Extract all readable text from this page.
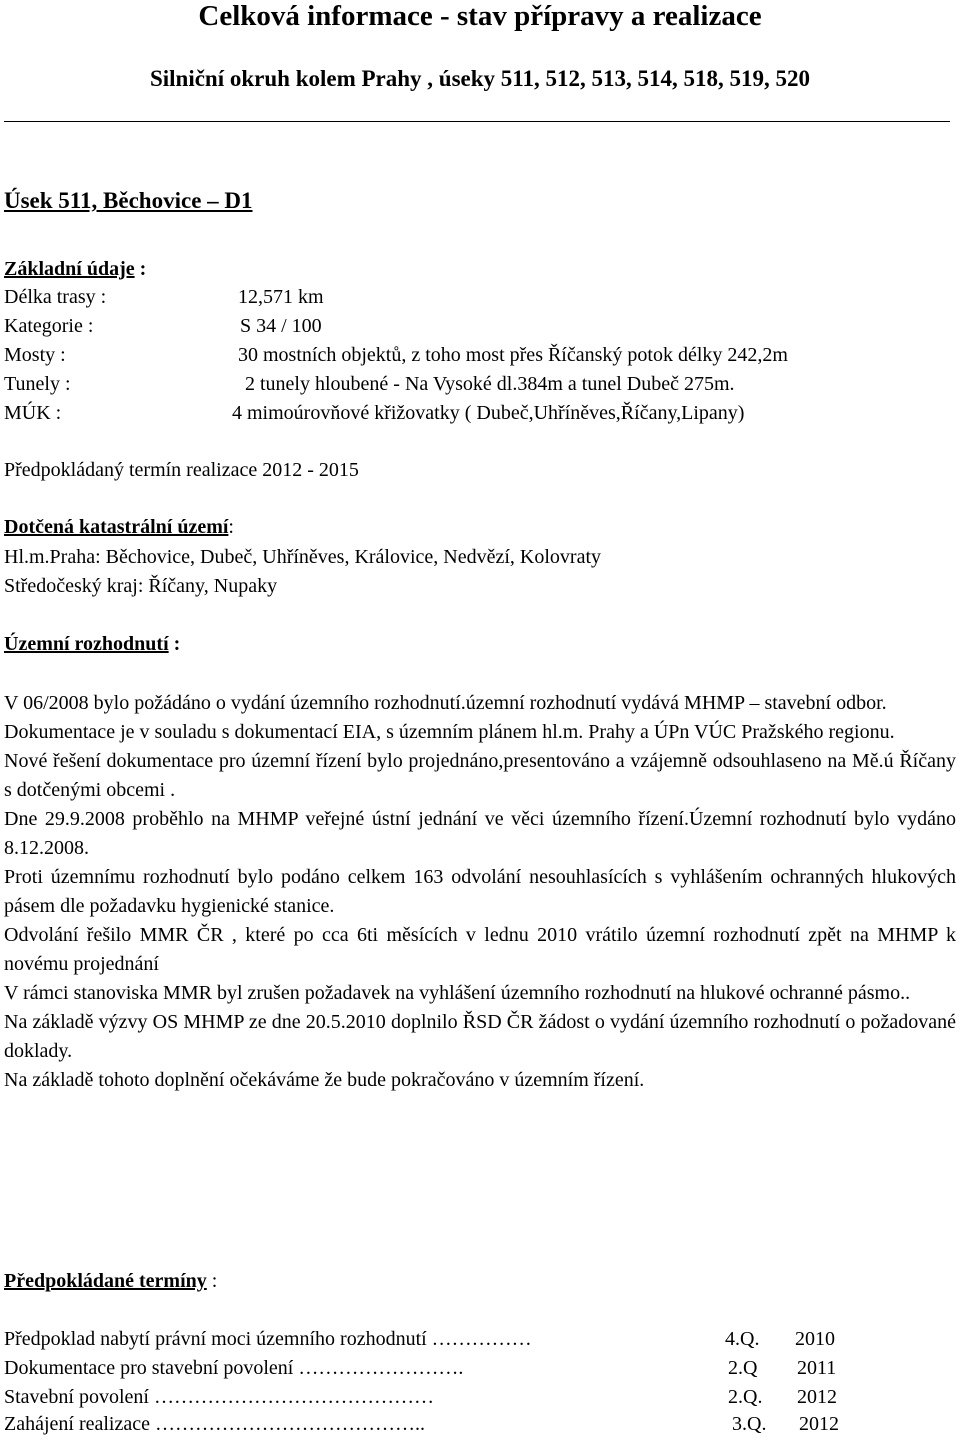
Celková informace - stav přípravy a realizace
Silniční okruh kolem Prahy , úseky 511, 512, 513, 514, 518, 519, 520
Úsek 511, Běchovice – D1
Základní údaje :
Délka trasy :	12,571 km
Kategorie :	S 34 / 100
Mosty :	30 mostních objektů, z toho most přes Říčanský potok délky 242,2m
Tunely :	2 tunely hloubené - Na Vysoké dl.384m a tunel Dubeč 275m.
MÚK :	4 mimoúrovňové křižovatky ( Dubeč,Uhříněves,Říčany,Lipany)
Předpokládaný termín realizace 2012 - 2015
Dotčená katastrální území:
Hl.m.Praha: Běchovice, Dubeč, Uhříněves, Královice, Nedvězí, Kolovraty
Středočeský kraj: Říčany, Nupaky
Územní rozhodnutí :

V 06/2008 bylo požádáno o vydání územního rozhodnutí.územní rozhodnutí vydává MHMP – stavební odbor.

Dokumentace je v souladu s dokumentací EIA, s územním plánem hl.m. Prahy a ÚPn VÚC Pražského regionu.

Nové řešení dokumentace pro územní řízení bylo projednáno,presentováno a vzájemně odsouhlaseno na Mě.ú Říčany s dotčenými obcemi .

Dne 29.9.2008 proběhlo na MHMP veřejné ústní jednání ve věci územního řízení.Územní rozhodnutí bylo vydáno 8.12.2008.

Proti územnímu rozhodnutí bylo podáno celkem 163 odvolání nesouhlasících s vyhlášením ochranných hlukových pásem dle požadavku hygienické stanice.

Odvolání řešilo MMR ČR , které po cca 6ti měsících v lednu 2010 vrátilo územní rozhodnutí zpět na MHMP k novému projednání

V rámci stanoviska MMR byl zrušen požadavek na vyhlášení územního rozhodnutí na hlukové ochranné pásmo..

Na základě výzvy OS MHMP ze dne 20.5.2010 doplnilo ŘSD ČR žádost o vydání územního rozhodnutí o požadované doklady.

Na základě tohoto doplnění očekáváme že bude pokračováno v územním řízení.

Předpokládané termíny :
Předpoklad nabytí právní moci územního rozhodnutí ……………	4.Q. 2010
Dokumentace pro stavební povolení …………………….	2.Q 2011
Stavební povolení ……………………………………	2.Q. 2012
Zahájení realizace …………………………………..	3.Q. 2012
